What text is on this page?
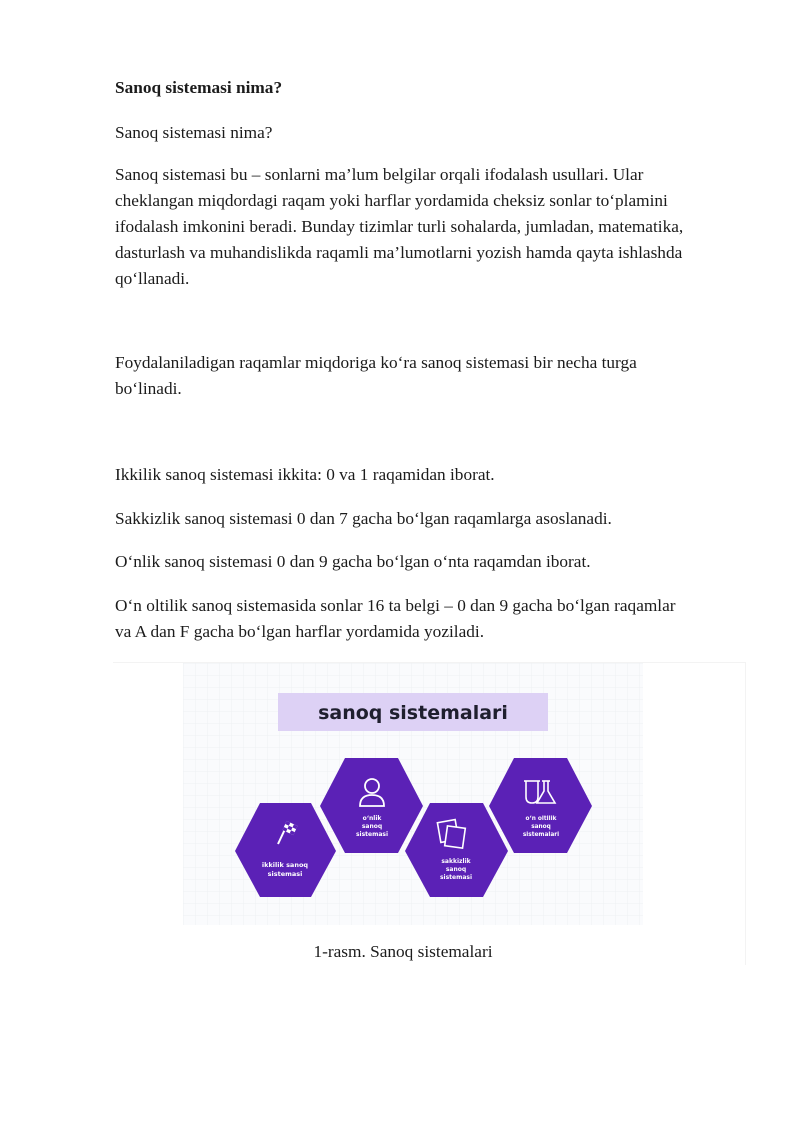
Sanoq sistemasi nima?

Sanoq sistemasi nima?

Sanoq sistemasi bu – sonlarni ma’lum belgilar orqali ifodalash usullari. Ular
cheklangan miqdordagi raqam yoki harflar yordamida cheksiz sonlar to‘plamini
ifodalash imkonini beradi. Bunday tizimlar turli sohalarda, jumladan, matematika,
dasturlash va muhandislikda raqamli ma’lumotlarni yozish hamda qayta ishlashda
qo‘llanadi.
Foydalaniladigan raqamlar miqdoriga ko‘ra sanoq sistemasi bir necha turga
bo‘linadi.

Ikkilik sanoq sistemasi ikkita: 0 va 1 raqamidan iborat.

Sakkizlik sanoq sistemasi 0 dan 7 gacha bo‘lgan raqamlarga asoslanadi.

O‘nlik sanoq sistemasi 0 dan 9 gacha bo‘lgan o‘nta raqamdan iborat.

O‘n oltilik sanoq sistemasida sonlar 16 ta belgi – 0 dan 9 gacha bo‘lgan raqamlar
va A dan F gacha bo‘lgan harflar yordamida yoziladi.
sanoq sistemalari
ikkilik sanoq
sistemasi
o‘nlik
sanoq
sistemasi
sakkizlik
sanoq
sistemasi
o‘n oltilik
sanoq
sistemalari
1-rasm. Sanoq sistemalari
